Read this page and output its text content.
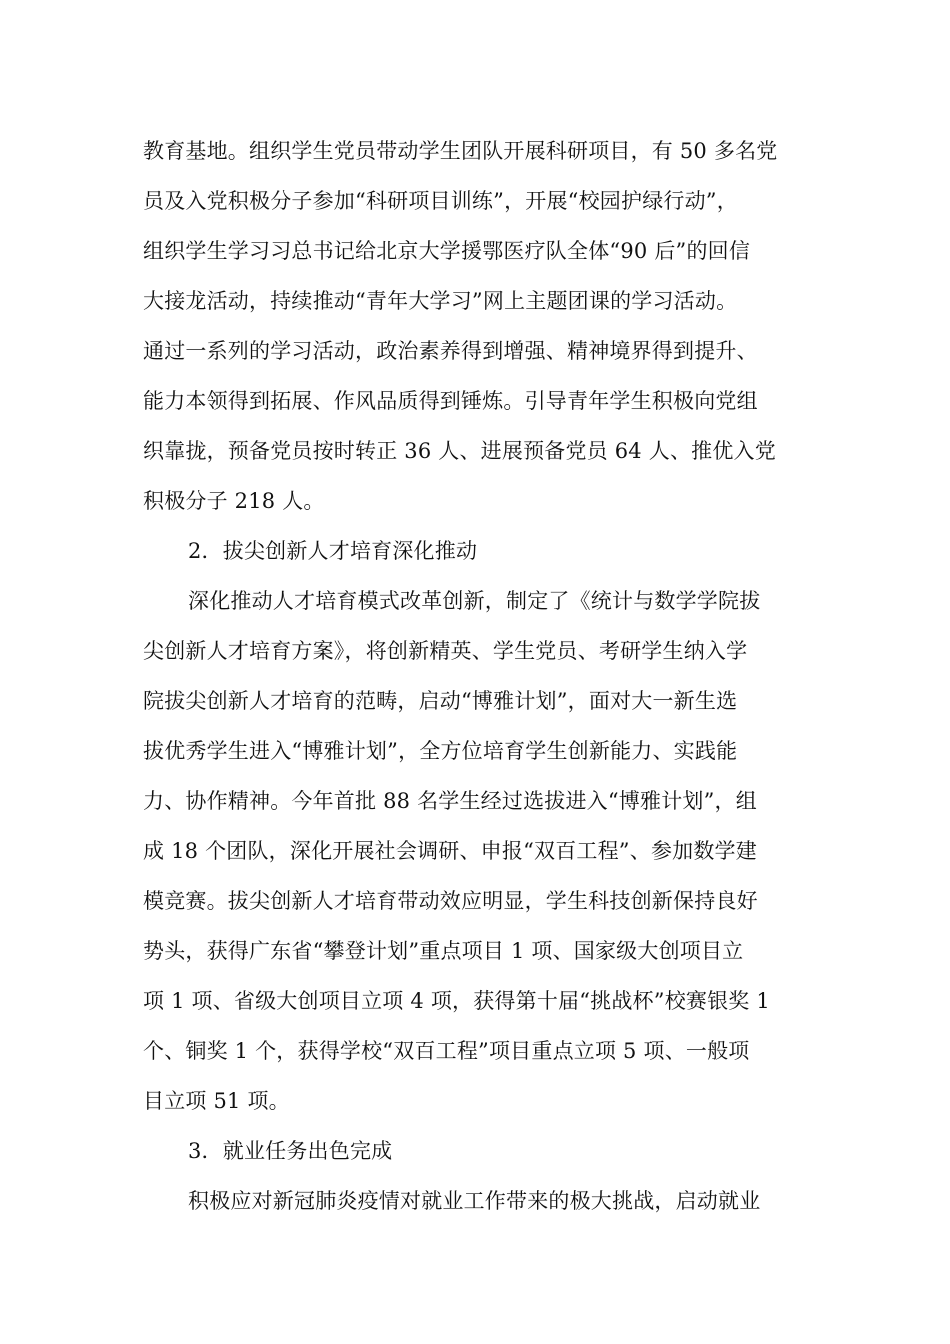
教育基地。组织学生党员带动学生团队开展科研项目，有 50 多名党
员及入党积极分子参加“科研项目训练”，开展“校园护绿行动”，
组织学生学习习总书记给北京大学援鄂医疗队全体“90 后”的回信
大接龙活动，持续推动“青年大学习”网上主题团课的学习活动。
通过一系列的学习活动，政治素养得到增强、精神境界得到提升、
能力本领得到拓展、作风品质得到锤炼。引导青年学生积极向党组
织靠拢，预备党员按时转正 36 人、进展预备党员 64 人、推优入党
积极分子 218 人。
2．拔尖创新人才培育深化推动
深化推动人才培育模式改革创新，制定了《统计与数学学院拔
尖创新人才培育方案》，将创新精英、学生党员、考研学生纳入学
院拔尖创新人才培育的范畴，启动“博雅计划”，面对大一新生选
拔优秀学生进入“博雅计划”，全方位培育学生创新能力、实践能
力、协作精神。今年首批 88 名学生经过选拔进入“博雅计划”，组
成 18 个团队，深化开展社会调研、申报“双百工程”、参加数学建
模竞赛。拔尖创新人才培育带动效应明显，学生科技创新保持良好
势头，获得广东省“攀登计划”重点项目 1 项、国家级大创项目立
项 1 项、省级大创项目立项 4 项，获得第十届“挑战杯”校赛银奖 1
个、铜奖 1 个，获得学校“双百工程”项目重点立项 5 项、一般项
目立项 51 项。
3．就业任务出色完成
积极应对新冠肺炎疫情对就业工作带来的极大挑战，启动就业
